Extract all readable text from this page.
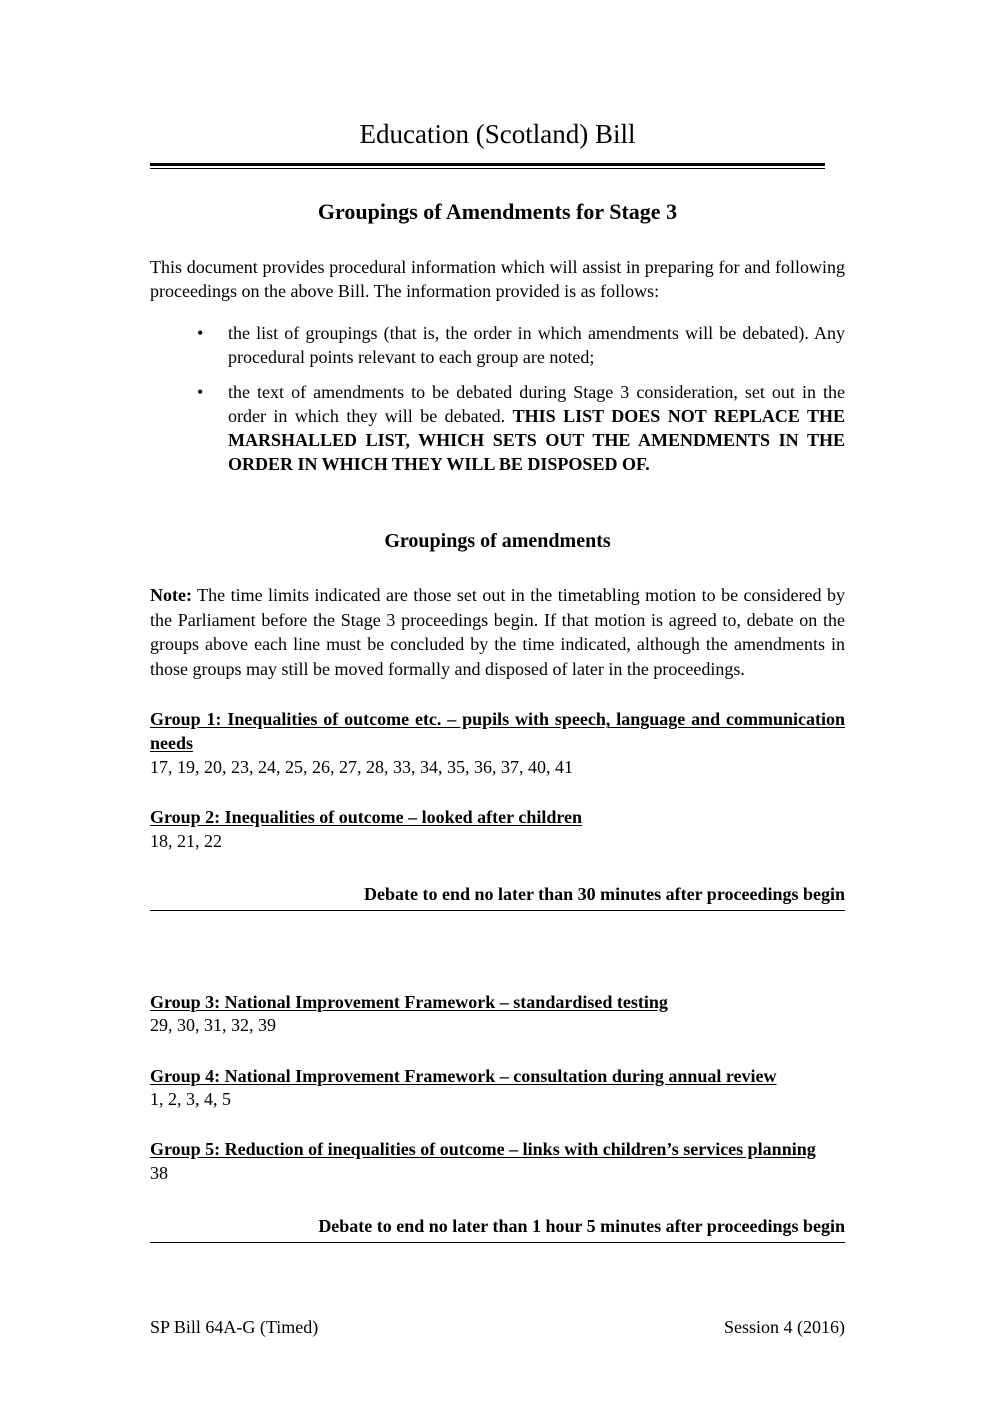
Education (Scotland) Bill
Groupings of Amendments for Stage 3

This document provides procedural information which will assist in preparing for and following proceedings on the above Bill. The information provided is as follows:

• the list of groupings (that is, the order in which amendments will be debated). Any procedural points relevant to each group are noted;
• the text of amendments to be debated during Stage 3 consideration, set out in the order in which they will be debated. THIS LIST DOES NOT REPLACE THE MARSHALLED LIST, WHICH SETS OUT THE AMENDMENTS IN THE ORDER IN WHICH THEY WILL BE DISPOSED OF.
Groupings of amendments

Note: The time limits indicated are those set out in the timetabling motion to be considered by the Parliament before the Stage 3 proceedings begin. If that motion is agreed to, debate on the groups above each line must be concluded by the time indicated, although the amendments in those groups may still be moved formally and disposed of later in the proceedings.

Group 1: Inequalities of outcome etc. – pupils with speech, language and communication needs

17, 19, 20, 23, 24, 25, 26, 27, 28, 33, 34, 35, 36, 37, 40, 41

Group 2: Inequalities of outcome – looked after children

18, 21, 22

Debate to end no later than 30 minutes after proceedings begin

Group 3: National Improvement Framework – standardised testing

29, 30, 31, 32, 39

Group 4: National Improvement Framework – consultation during annual review

1, 2, 3, 4, 5

Group 5: Reduction of inequalities of outcome – links with children’s services planning

38

Debate to end no later than 1 hour 5 minutes after proceedings begin

SP Bill 64A-G (Timed)	Session 4 (2016)
